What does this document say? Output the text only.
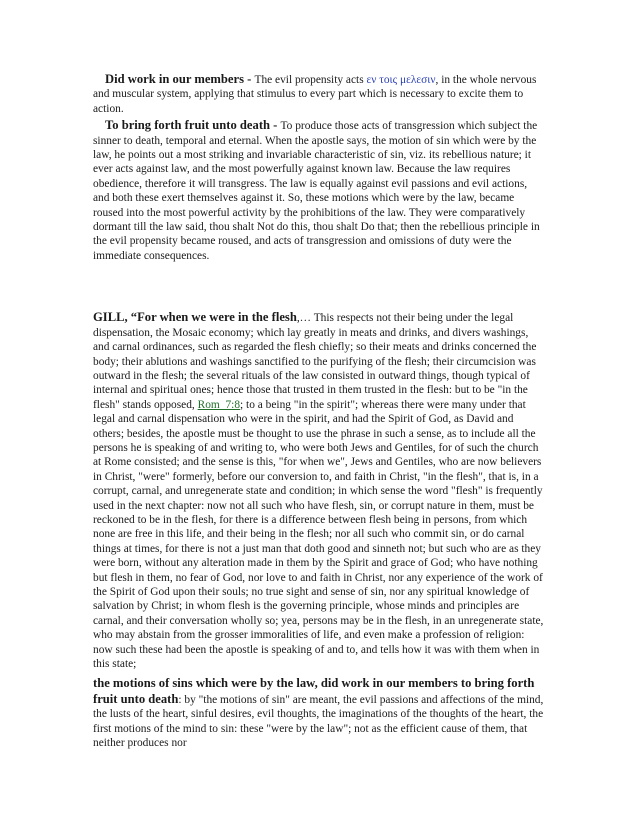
Did work in our members - The evil propensity acts εν τοις μελεσιν, in the whole nervous and muscular system, applying that stimulus to every part which is necessary to excite them to action.

To bring forth fruit unto death - To produce those acts of transgression which subject the sinner to death, temporal and eternal. When the apostle says, the motion of sin which were by the law, he points out a most striking and invariable characteristic of sin, viz. its rebellious nature; it ever acts against law, and the most powerfully against known law. Because the law requires obedience, therefore it will transgress. The law is equally against evil passions and evil actions, and both these exert themselves against it. So, these motions which were by the law, became roused into the most powerful activity by the prohibitions of the law. They were comparatively dormant till the law said, thou shalt Not do this, thou shalt Do that; then the rebellious principle in the evil propensity became roused, and acts of transgression and omissions of duty were the immediate consequences.

GILL, “For when we were in the flesh,… This respects not their being under the legal dispensation, the Mosaic economy; which lay greatly in meats and drinks, and divers washings, and carnal ordinances, such as regarded the flesh chiefly; so their meats and drinks concerned the body; their ablutions and washings sanctified to the purifying of the flesh; their circumcision was outward in the flesh; the several rituals of the law consisted in outward things, though typical of internal and spiritual ones; hence those that trusted in them trusted in the flesh: but to be "in the flesh" stands opposed, Rom_7:8; to a being "in the spirit"; whereas there were many under that legal and carnal dispensation who were in the spirit, and had the Spirit of God, as David and others; besides, the apostle must be thought to use the phrase in such a sense, as to include all the persons he is speaking of and writing to, who were both Jews and Gentiles, for of such the church at Rome consisted; and the sense is this, "for when we", Jews and Gentiles, who are now believers in Christ, "were" formerly, before our conversion to, and faith in Christ, "in the flesh", that is, in a corrupt, carnal, and unregenerate state and condition; in which sense the word "flesh" is frequently used in the next chapter: now not all such who have flesh, sin, or corrupt nature in them, must be reckoned to be in the flesh, for there is a difference between flesh being in persons, from which none are free in this life, and their being in the flesh; nor all such who commit sin, or do carnal things at times, for there is not a just man that doth good and sinneth not; but such who are as they were born, without any alteration made in them by the Spirit and grace of God; who have nothing but flesh in them, no fear of God, nor love to and faith in Christ, nor any experience of the work of the Spirit of God upon their souls; no true sight and sense of sin, nor any spiritual knowledge of salvation by Christ; in whom flesh is the governing principle, whose minds and principles are carnal, and their conversation wholly so; yea, persons may be in the flesh, in an unregenerate state, who may abstain from the grosser immoralities of life, and even make a profession of religion: now such these had been the apostle is speaking of and to, and tells how it was with them when in this state;

the motions of sins which were by the law, did work in our members to bring forth fruit unto death: by "the motions of sin" are meant, the evil passions and affections of the mind, the lusts of the heart, sinful desires, evil thoughts, the imaginations of the thoughts of the heart, the first motions of the mind to sin: these "were by the law"; not as the efficient cause of them, that neither produces nor
